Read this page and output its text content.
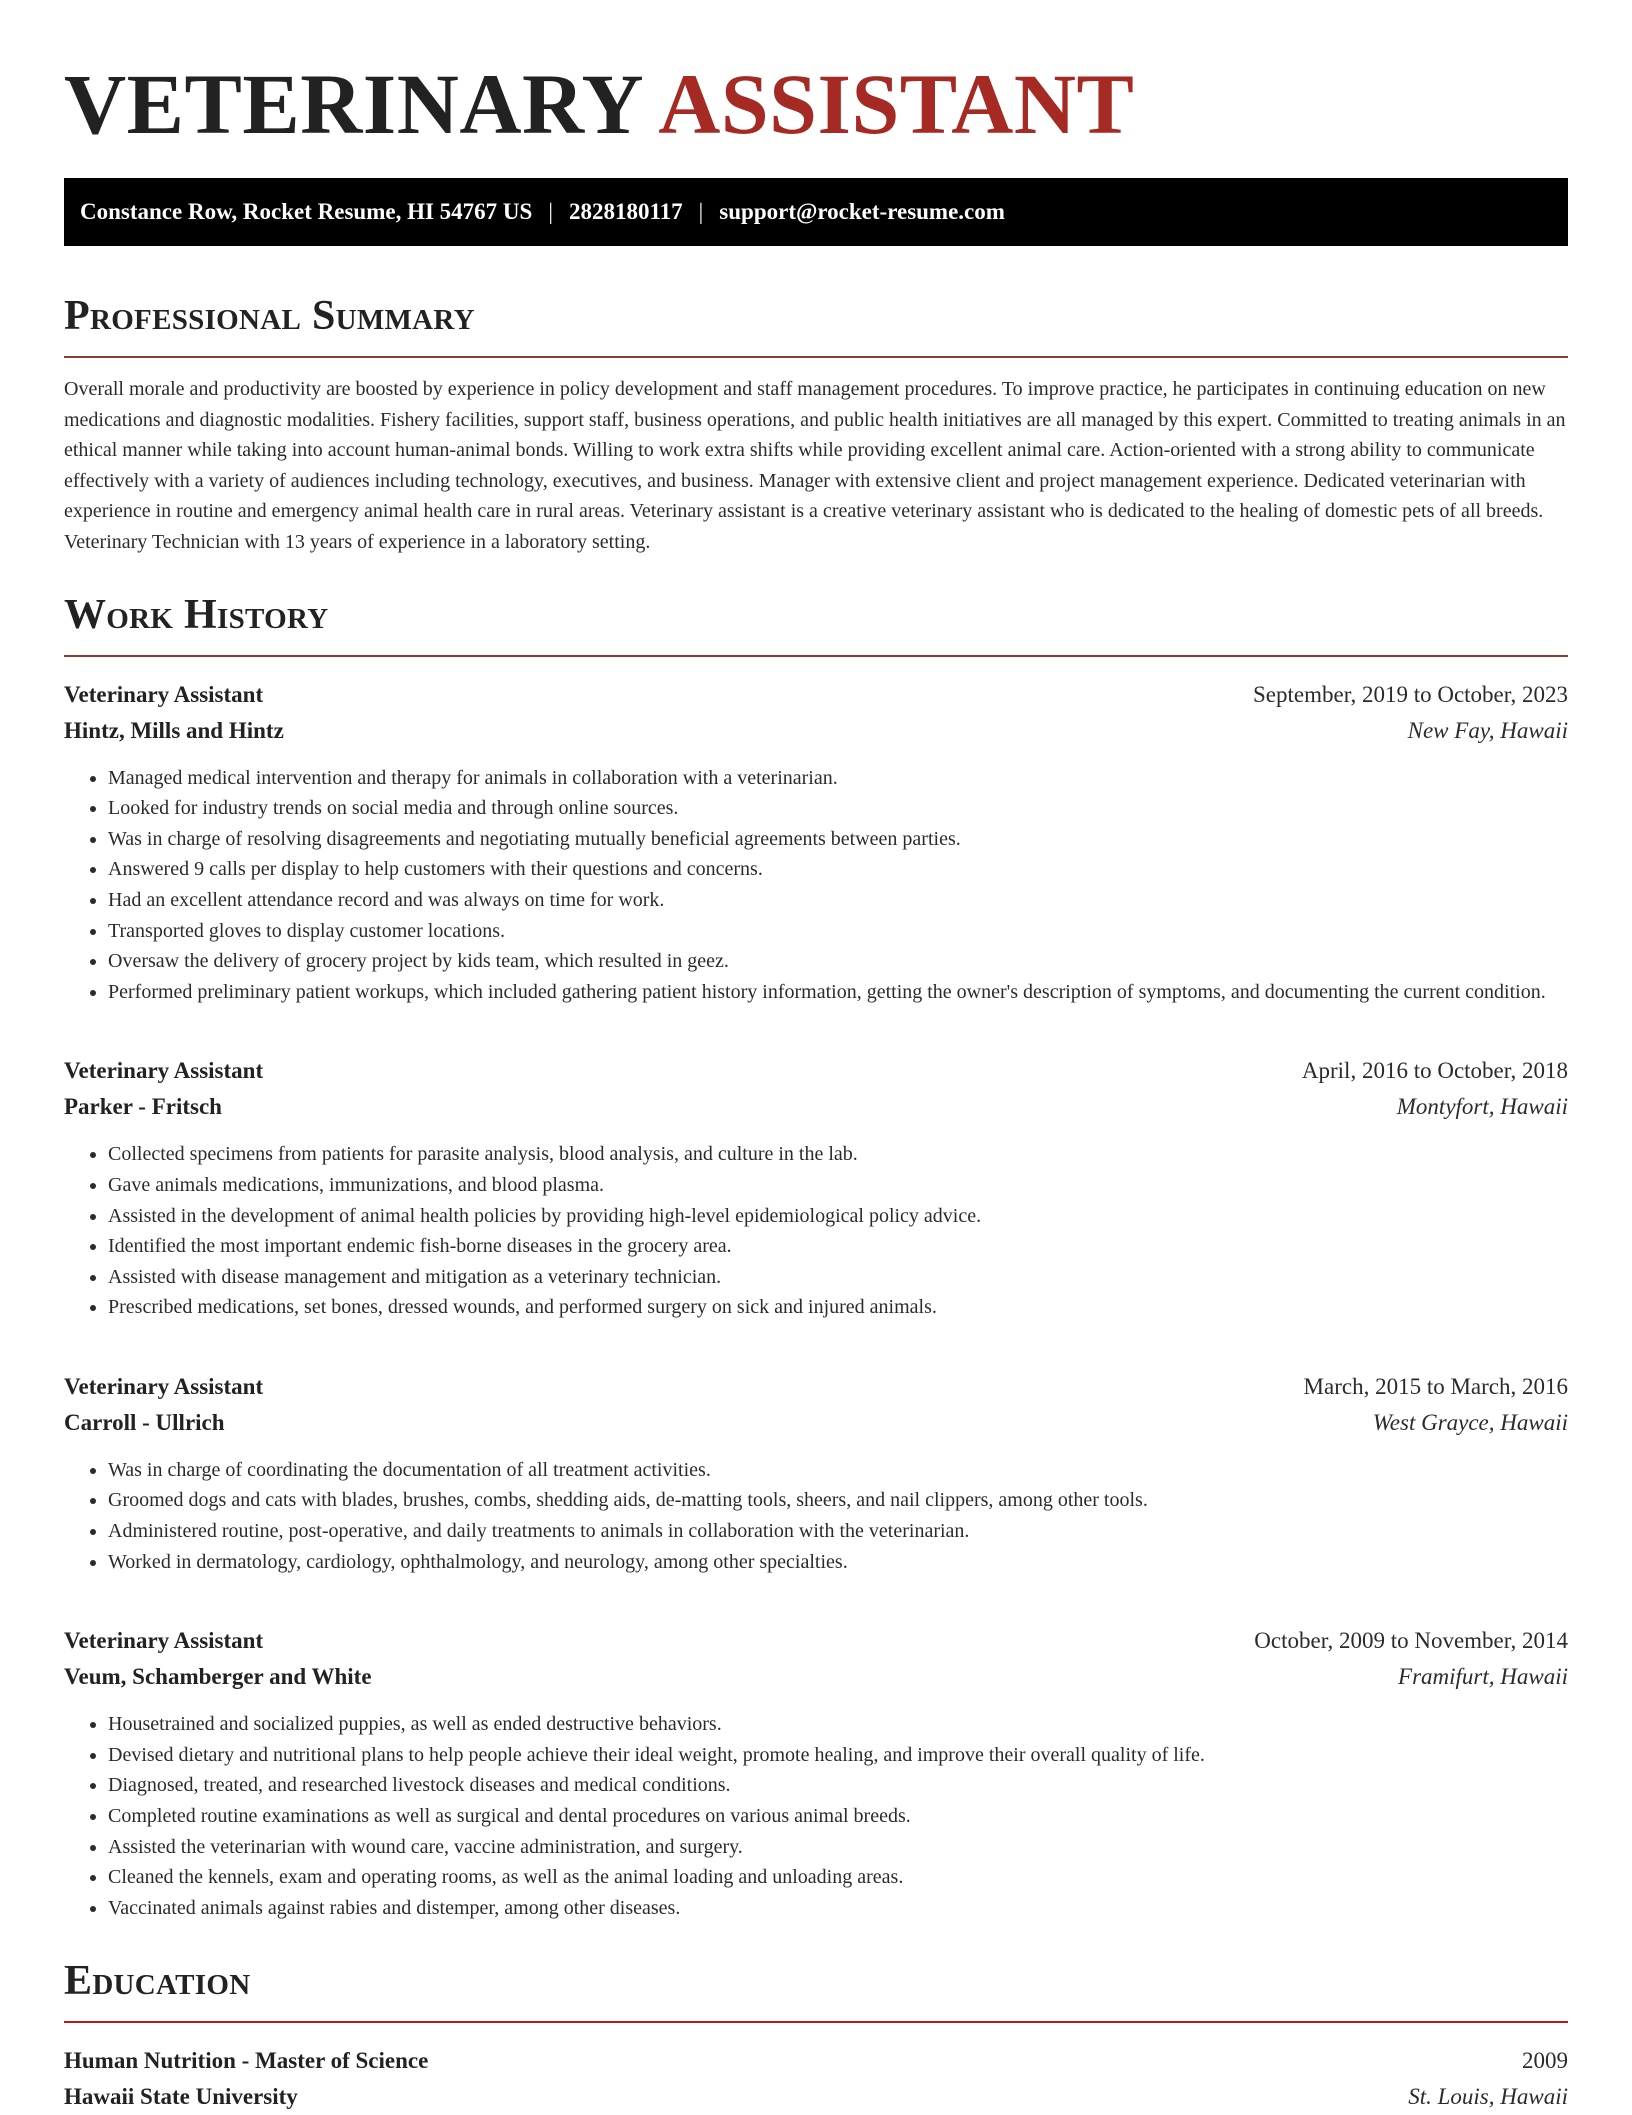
VETERINARY ASSISTANT
Constance Row, Rocket Resume, HI 54767 US | 2828180117 | support@rocket-resume.com
Professional Summary

Overall morale and productivity are boosted by experience in policy development and staff management procedures. To improve practice, he participates in continuing education on new medications and diagnostic modalities. Fishery facilities, support staff, business operations, and public health initiatives are all managed by this expert. Committed to treating animals in an ethical manner while taking into account human-animal bonds. Willing to work extra shifts while providing excellent animal care. Action-oriented with a strong ability to communicate effectively with a variety of audiences including technology, executives, and business. Manager with extensive client and project management experience. Dedicated veterinarian with experience in routine and emergency animal health care in rural areas. Veterinary assistant is a creative veterinary assistant who is dedicated to the healing of domestic pets of all breeds. Veterinary Technician with 13 years of experience in a laboratory setting.

Work History
Veterinary Assistant	September, 2019 to October, 2023
Hintz, Mills and Hintz	New Fay, Hawaii
• Managed medical intervention and therapy for animals in collaboration with a veterinarian.
• Looked for industry trends on social media and through online sources.
• Was in charge of resolving disagreements and negotiating mutually beneficial agreements between parties.
• Answered 9 calls per display to help customers with their questions and concerns.
• Had an excellent attendance record and was always on time for work.
• Transported gloves to display customer locations.
• Oversaw the delivery of grocery project by kids team, which resulted in geez.
• Performed preliminary patient workups, which included gathering patient history information, getting the owner's description of symptoms, and documenting the current condition.
Veterinary Assistant	April, 2016 to October, 2018
Parker - Fritsch	Montyfort, Hawaii
• Collected specimens from patients for parasite analysis, blood analysis, and culture in the lab.
• Gave animals medications, immunizations, and blood plasma.
• Assisted in the development of animal health policies by providing high-level epidemiological policy advice.
• Identified the most important endemic fish-borne diseases in the grocery area.
• Assisted with disease management and mitigation as a veterinary technician.
• Prescribed medications, set bones, dressed wounds, and performed surgery on sick and injured animals.
Veterinary Assistant	March, 2015 to March, 2016
Carroll - Ullrich	West Grayce, Hawaii
• Was in charge of coordinating the documentation of all treatment activities.
• Groomed dogs and cats with blades, brushes, combs, shedding aids, de-matting tools, sheers, and nail clippers, among other tools.
• Administered routine, post-operative, and daily treatments to animals in collaboration with the veterinarian.
• Worked in dermatology, cardiology, ophthalmology, and neurology, among other specialties.
Veterinary Assistant	October, 2009 to November, 2014
Veum, Schamberger and White	Framifurt, Hawaii
• Housetrained and socialized puppies, as well as ended destructive behaviors.
• Devised dietary and nutritional plans to help people achieve their ideal weight, promote healing, and improve their overall quality of life.
• Diagnosed, treated, and researched livestock diseases and medical conditions.
• Completed routine examinations as well as surgical and dental procedures on various animal breeds.
• Assisted the veterinarian with wound care, vaccine administration, and surgery.
• Cleaned the kennels, exam and operating rooms, as well as the animal loading and unloading areas.
• Vaccinated animals against rabies and distemper, among other diseases.
Education
Human Nutrition - Master of Science	2009
Hawaii State University	St. Louis, Hawaii
